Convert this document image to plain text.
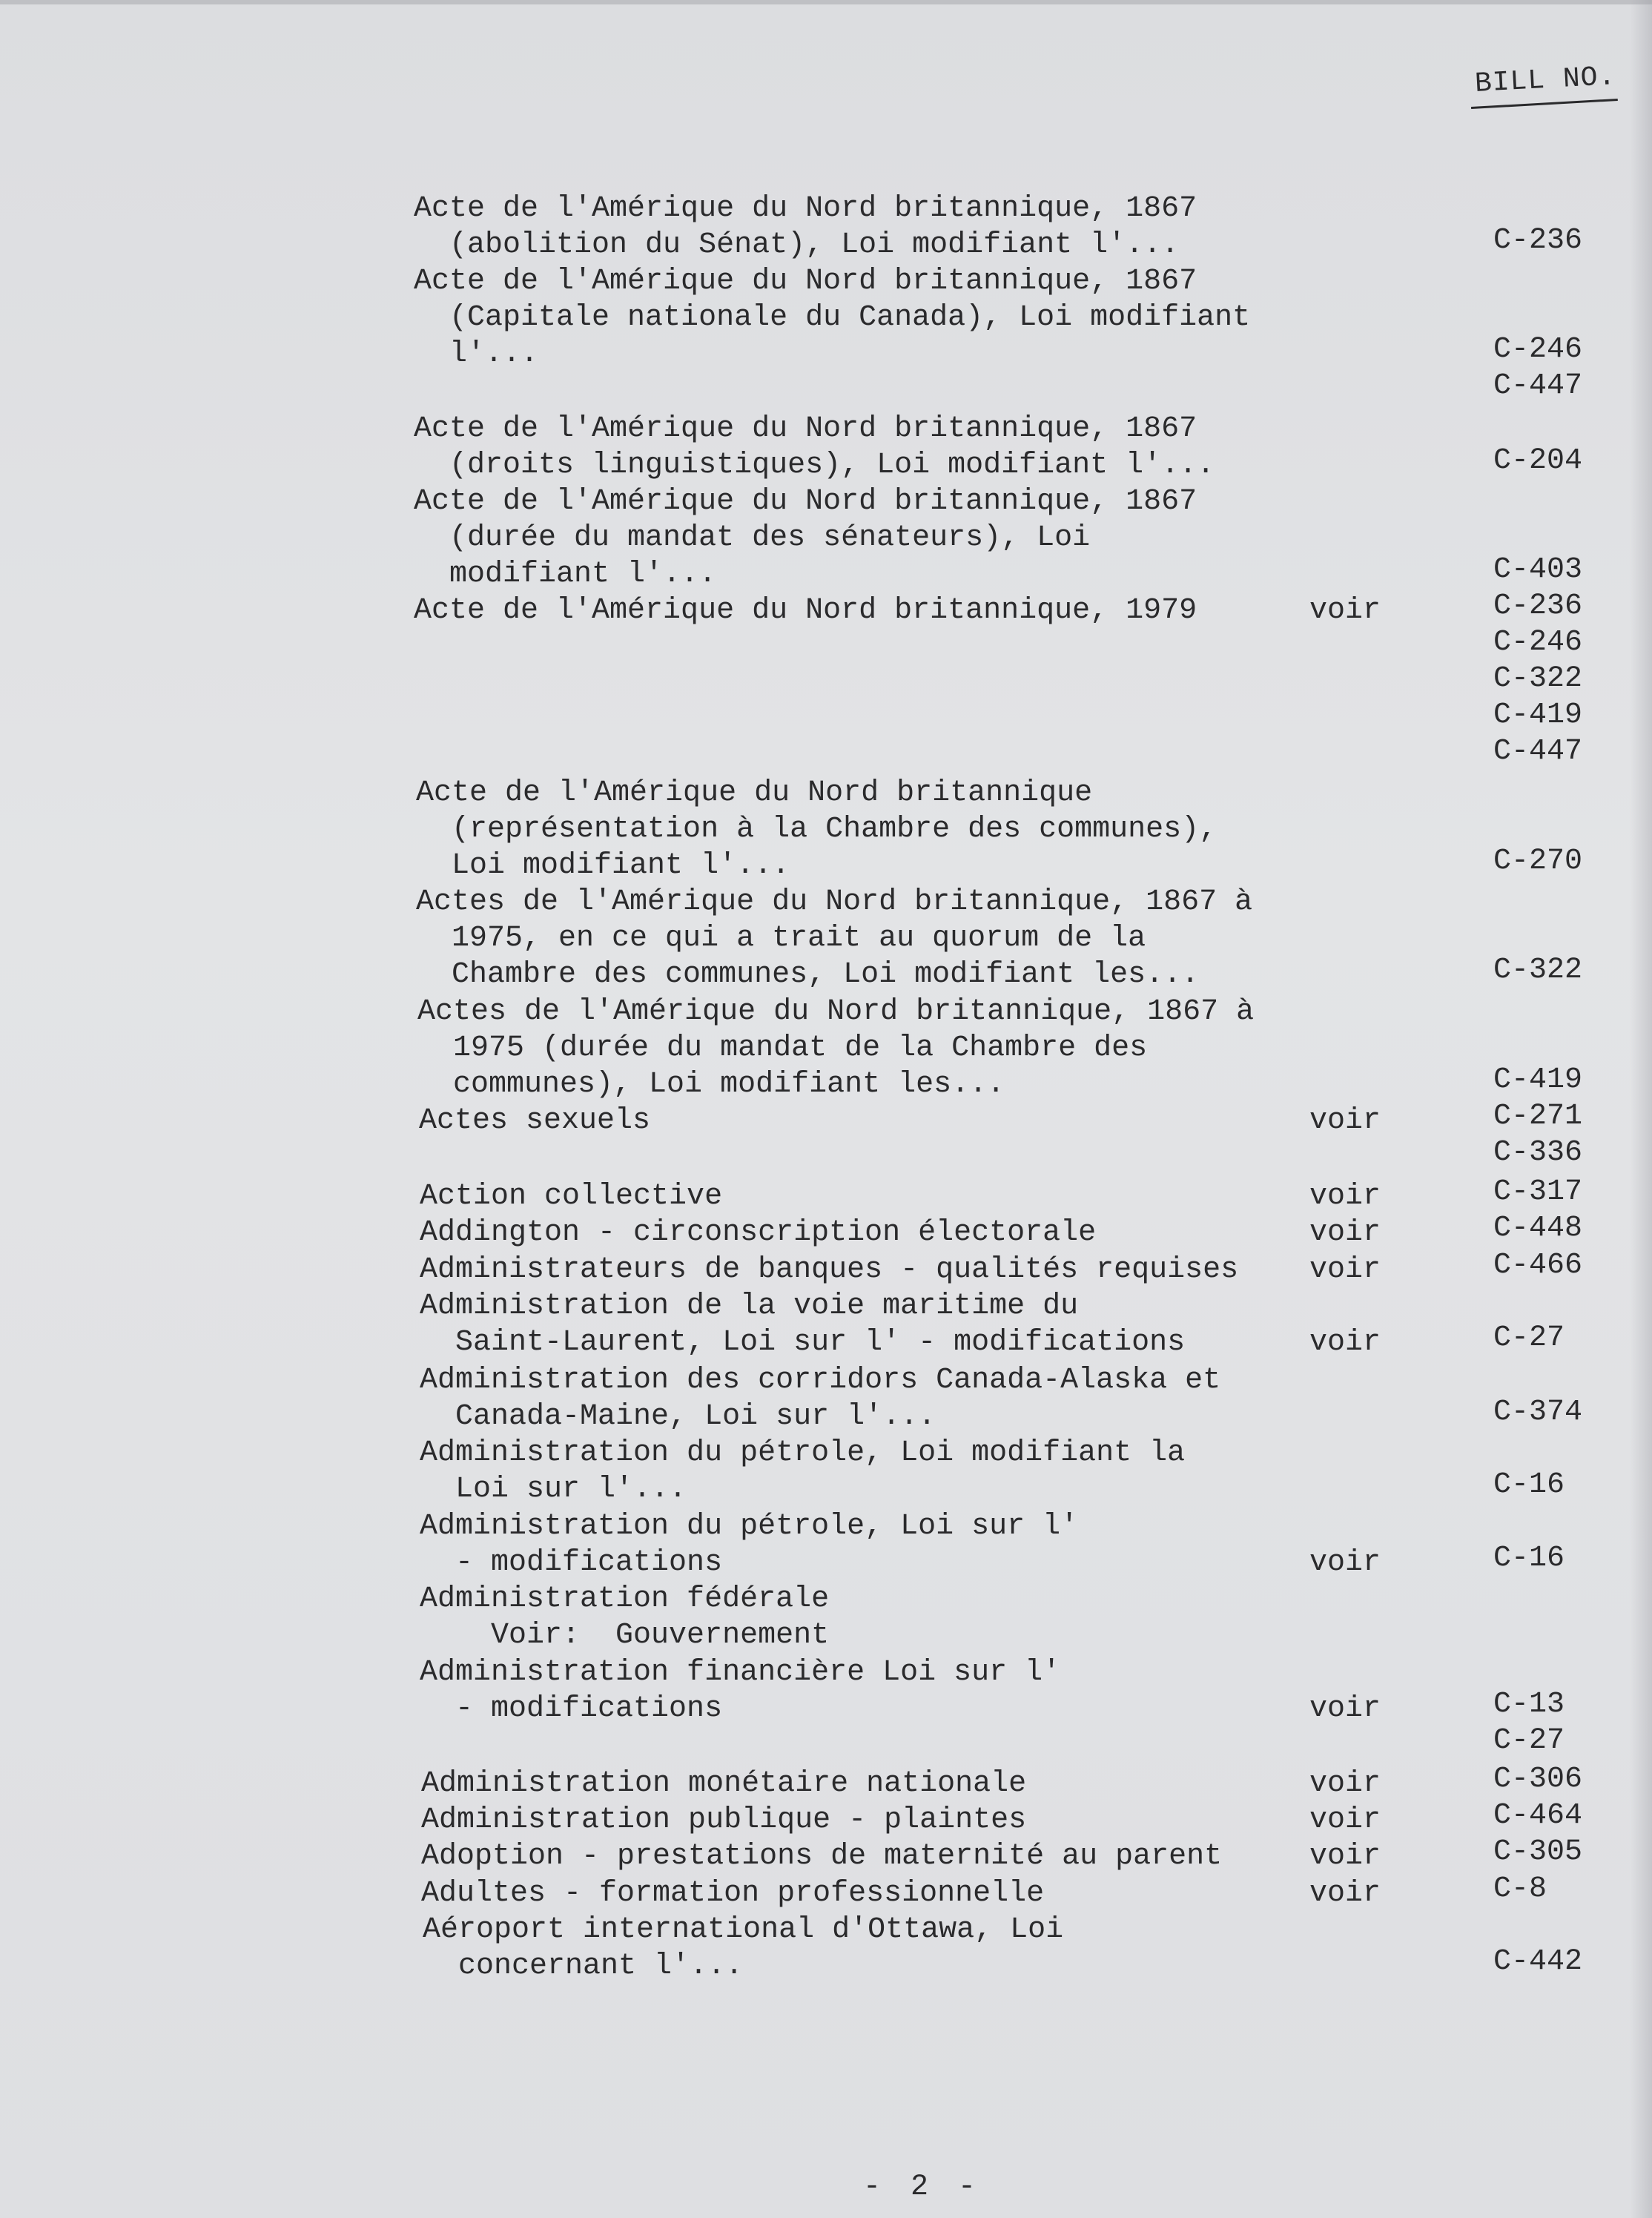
BILL NO.
Acte de l'Amérique du Nord britannique, 1867
(abolition du Sénat), Loi modifiant l'...	C-236
Acte de l'Amérique du Nord britannique, 1867
(Capitale nationale du Canada), Loi modifiant
l'...	C-246
C-447
Acte de l'Amérique du Nord britannique, 1867
(droits linguistiques), Loi modifiant l'...	C-204
Acte de l'Amérique du Nord britannique, 1867
(durée du mandat des sénateurs), Loi
modifiant l'...	C-403
Acte de l'Amérique du Nord britannique, 1979	voir	C-236
C-246
C-322
C-419
C-447
Acte de l'Amérique du Nord britannique
(représentation à la Chambre des communes),
Loi modifiant l'...	C-270
Actes de l'Amérique du Nord britannique, 1867 à
1975, en ce qui a trait au quorum de la
Chambre des communes, Loi modifiant les...	C-322
Actes de l'Amérique du Nord britannique, 1867 à
1975 (durée du mandat de la Chambre des
communes), Loi modifiant les...	C-419
Actes sexuels	voir	C-271
C-336
Action collective	voir	C-317
Addington - circonscription électorale	voir	C-448
Administrateurs de banques - qualités requises voir	C-466
Administration de la voie maritime du
Saint-Laurent, Loi sur l' - modifications	voir	C-27
Administration des corridors Canada-Alaska et
Canada-Maine, Loi sur l'...	C-374
Administration du pétrole, Loi modifiant la
Loi sur l'...	C-16
Administration du pétrole, Loi sur l'
- modifications	voir	C-16
Administration fédérale
Voir:  Gouvernement
Administration financière Loi sur l'
- modifications	voir	C-13
C-27
Administration monétaire nationale	voir	C-306
Administration publique - plaintes	voir	C-464
Adoption - prestations de maternité au parent	voir	C-305
Adultes - formation professionnelle	voir	C-8
Aéroport international d'Ottawa, Loi
concernant l'...	C-442
- 2 -
